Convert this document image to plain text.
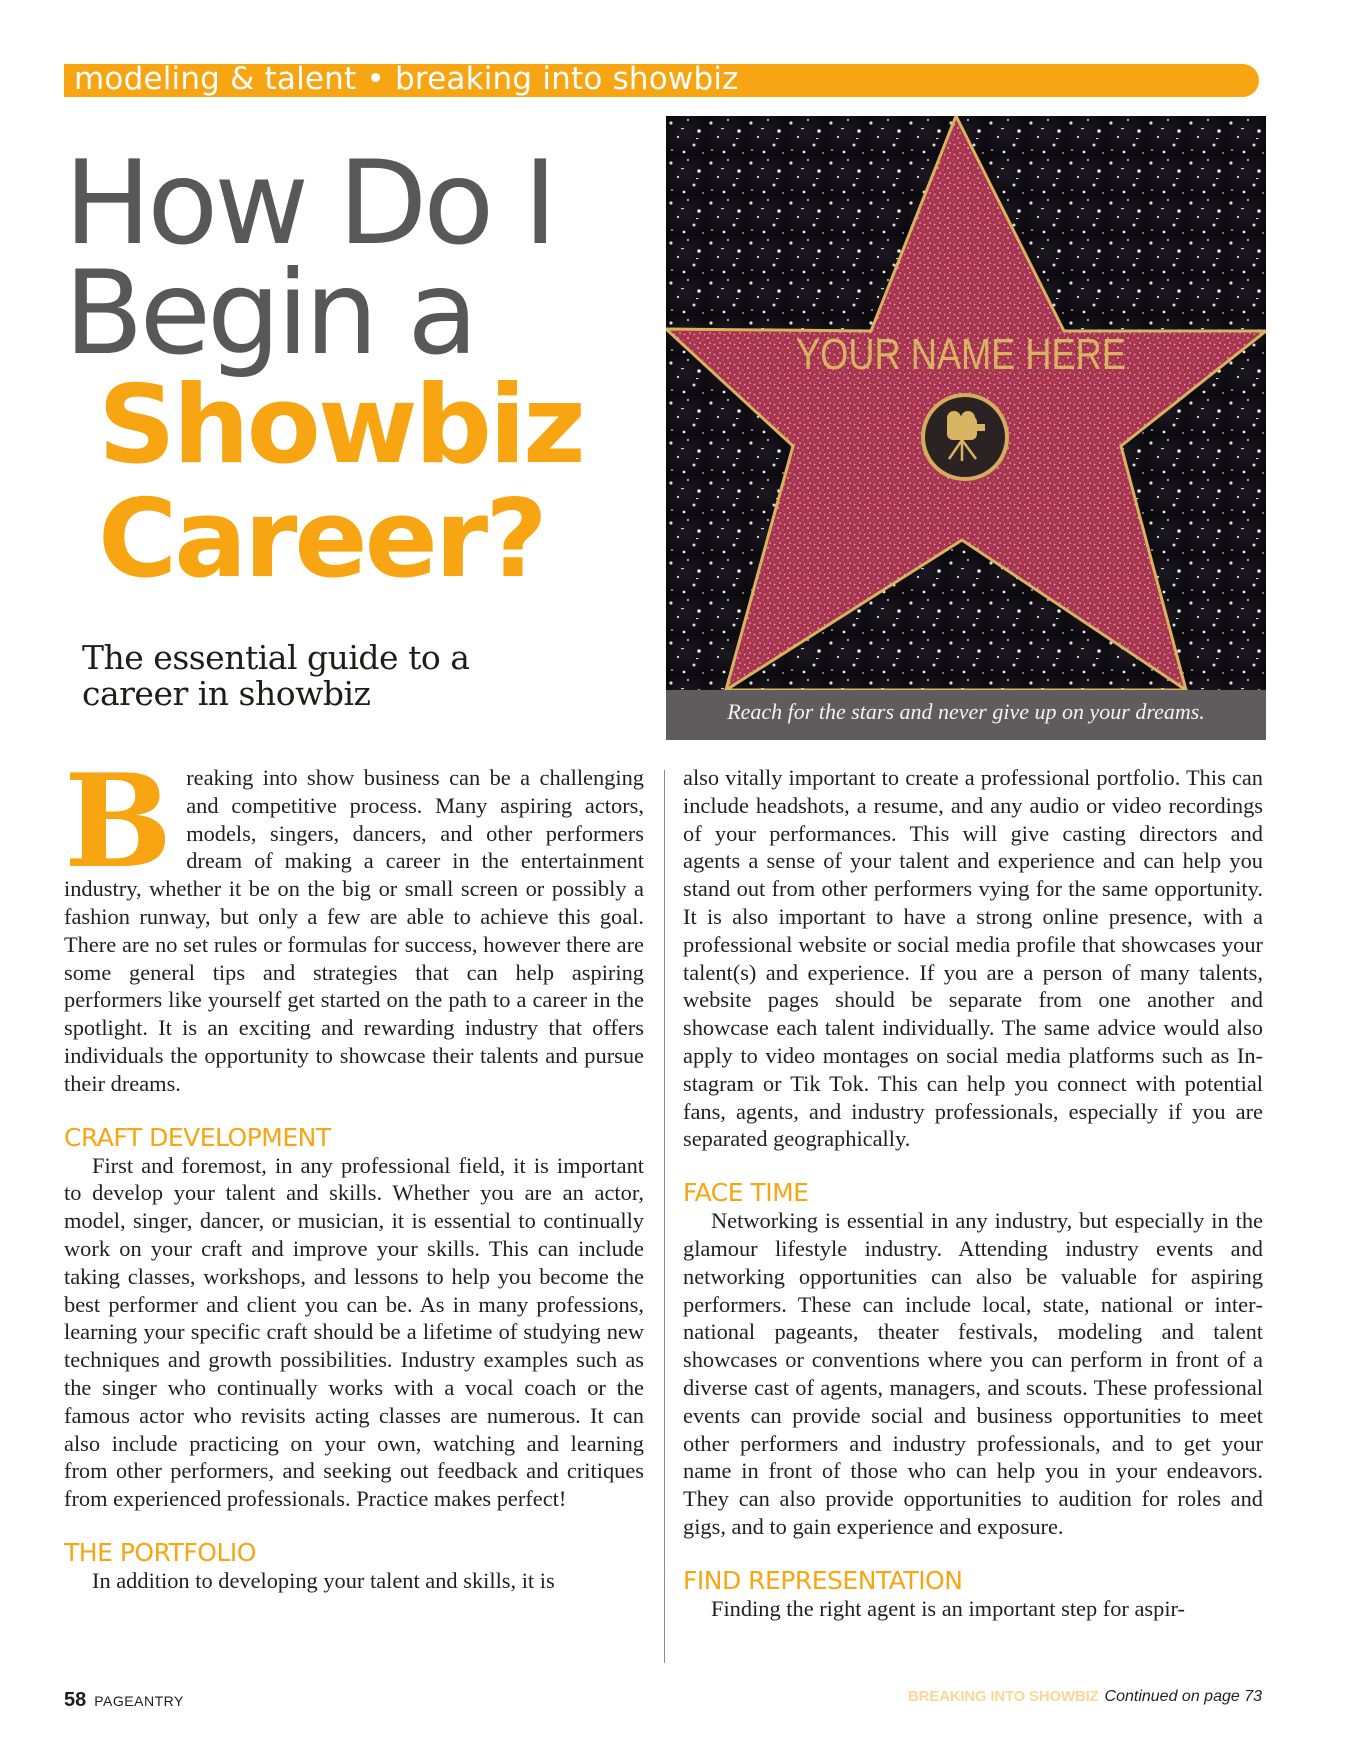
modeling & talent • breaking into showbiz
How Do I
Begin a
Showbiz
Career?
The essential guide to a career in showbiz
YOUR NAME HERE
Reach for the stars and never give up on your dreams.

Breaking into show business can be a challenging and competitive process. Many aspiring actors, models, singers, dancers, and other performers dream of making a career in the entertainment industry, whether it be on the big or small screen or possibly a fashion runway, but only a few are able to achieve this goal. There are no set rules or formulas for success, however there are some general tips and strategies that can help aspiring performers like yourself get started on the path to a career in the spotlight. It is an exciting and rewarding industry that offers individuals the opportunity to showcase their talents and pursue their dreams.

CRAFT DEVELOPMENT

First and foremost, in any professional field, it is important to develop your talent and skills. Whether you are an actor, model, singer, dancer, or musician, it is essential to continually work on your craft and improve your skills. This can include taking classes, workshops, and lessons to help you become the best performer and client you can be. As in many professions, learning your specific craft should be a lifetime of studying new techniques and growth possibilities. Industry examples such as the singer who continually works with a vocal coach or the famous actor who revisits acting classes are numerous. It can also include practicing on your own, watching and learning from other performers, and seeking out feedback and critiques from experienced professionals. Practice makes perfect!

THE PORTFOLIO

In addition to developing your talent and skills, it is

also vitally important to create a professional portfolio. This can include headshots, a resume, and any audio or video recordings of your performances. This will give casting directors and agents a sense of your talent and experience and can help you stand out from other performers vying for the same opportunity. It is also important to have a strong online presence, with a professional website or social media profile that showcases your talent(s) and experience. If you are a person of many talents, website pages should be separate from one another and showcase each talent individually. The same advice would also apply to video montages on social media platforms such as Instagram or Tik Tok. This can help you connect with potential fans, agents, and industry professionals, especially if you are separated geographically.

FACE TIME

Networking is essential in any industry, but especially in the glamour lifestyle industry. Attending industry events and networking opportunities can also be valuable for aspiring performers. These can include local, state, national or international pageants, theater festivals, modeling and talent showcases or conventions where you can perform in front of a diverse cast of agents, managers, and scouts. These professional events can provide social and business opportunities to meet other performers and industry professionals, and to get your name in front of those who can help you in your endeavors. They can also provide opportunities to audition for roles and gigs, and to gain experience and exposure.

FIND REPRESENTATION

Finding the right agent is an important step for aspir-

58 PAGEANTRY	BREAKING INTO SHOWBIZ Continued on page 73
